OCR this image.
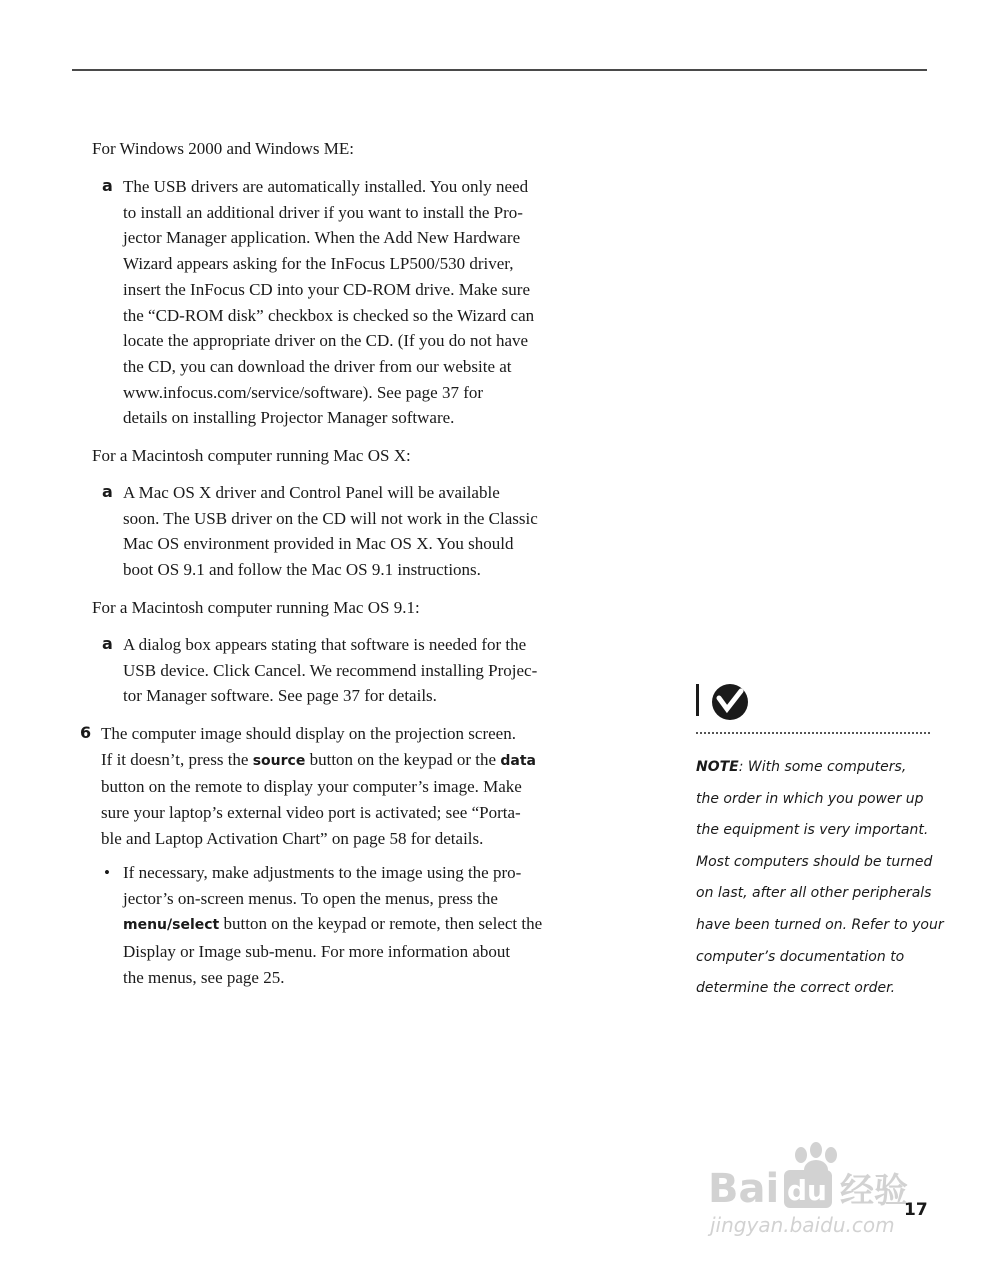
For Windows 2000 and Windows ME:

a The USB drivers are automatically installed. You only need
to install an additional driver if you want to install the Pro-
jector Manager application. When the Add New Hardware
Wizard appears asking for the InFocus LP500/530 driver,
insert the InFocus CD into your CD-ROM drive. Make sure
the “CD-ROM disk” checkbox is checked so the Wizard can
locate the appropriate driver on the CD. (If you do not have
the CD, you can download the driver from our website at
www.infocus.com/service/software). See page 37 for
details on installing Projector Manager software.

For a Macintosh computer running Mac OS X:

a A Mac OS X driver and Control Panel will be available
soon. The USB driver on the CD will not work in the Classic
Mac OS environment provided in Mac OS X. You should
boot OS 9.1 and follow the Mac OS 9.1 instructions.

For a Macintosh computer running Mac OS 9.1:

a A dialog box appears stating that software is needed for the
USB device. Click Cancel. We recommend installing Projec-
tor Manager software. See page 37 for details.
6 The computer image should display on the projection screen.
If it doesn’t, press the source button on the keypad or the data
button on the remote to display your computer’s image. Make
sure your laptop’s external video port is activated; see “Porta-
ble and Laptop Activation Chart” on page 58 for details.
• If necessary, make adjustments to the image using the pro-
jector’s on-screen menus. To open the menus, press the
menu/select button on the keypad or remote, then select the
Display or Image sub-menu. For more information about
the menus, see page 25.
NOTE: With some computers,
the order in which you power up
the equipment is very important.
Most computers should be turned
on last, after all other peripherals
have been turned on. Refer to your
computer’s documentation to
determine the correct order.
Bai du 经验
jingyan.baidu.com
17
